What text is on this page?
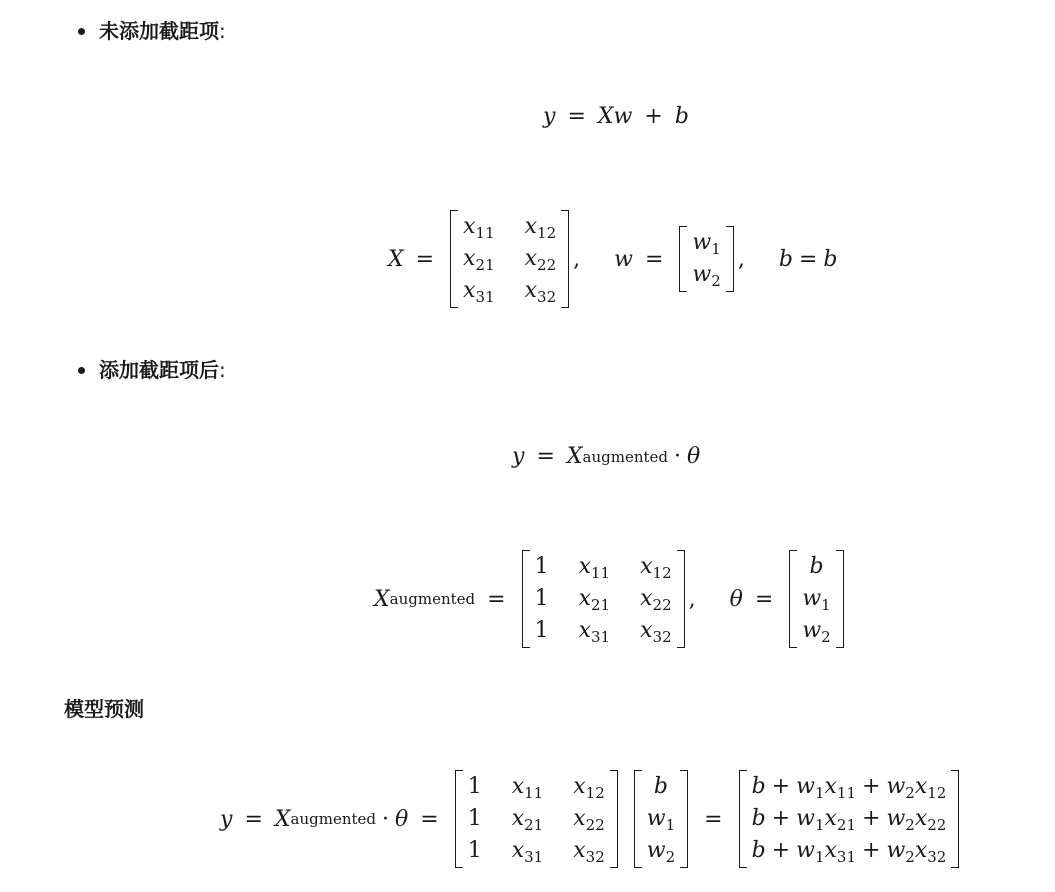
未添加截距项 :
y = X w + b
X =
$x_{11}$ $x_{12}$
$x_{21}$ $x_{22}$
$x_{31}$ $x_{32}$
, w =
$w_1$
$w_2$
, b = b
添加截距项后 :
y = X augmented · θ
X augmented =
1 $x_{11}$ $x_{12}$
1 $x_{21}$ $x_{22}$
1 $x_{31}$ $x_{32}$
, θ =
b
$w_1$
$w_2$
模型预测
y = X augmented · θ =
1 $x_{11}$ $x_{12}$
1 $x_{21}$ $x_{22}$
1 $x_{31}$ $x_{32}$
b
$w_1$
$w_2$
=
$b + w_1x_{11} + w_2x_{12}$
$b + w_1x_{21} + w_2x_{22}$
$b + w_1x_{31} + w_2x_{32}$
